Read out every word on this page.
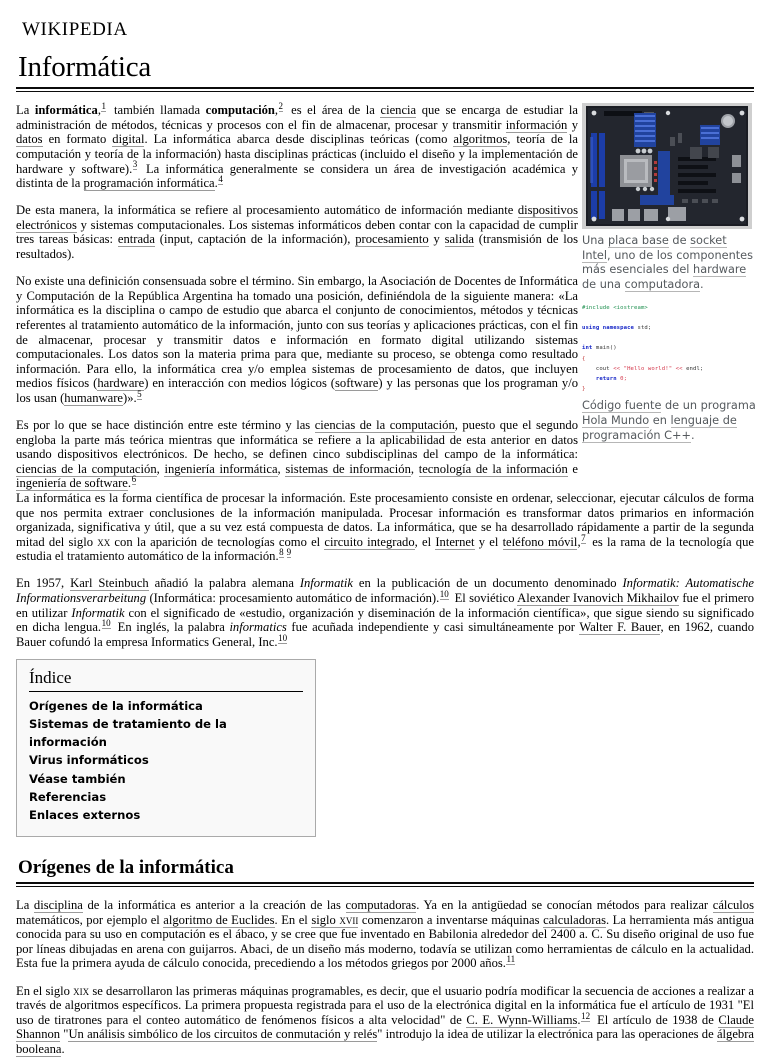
WIKIPEDIA
Informática
Una placa base de socket Intel, uno de los componentes más esenciales del hardware de una computadora.
#include <iostream>

using namespace std;

int main()
{
cout << "Hello world!" << endl;
return 0;
}
Código fuente de un programa Hola Mundo en lenguaje de programación C++.

La informática,$^1$ también llamada computación,$^2$ es el área de la ciencia que se encarga de estudiar la administración de métodos, técnicas y procesos con el fin de almacenar, procesar y transmitir información y datos en formato digital. La informática abarca desde disciplinas teóricas (como algoritmos, teoría de la computación y teoría de la información) hasta disciplinas prácticas (incluido el diseño y la implementación de hardware y software).$^3$ La informática generalmente se considera un área de investigación académica y distinta de la programación informática.$^4$

De esta manera, la informática se refiere al procesamiento automático de información mediante dispositivos electrónicos y sistemas computacionales. Los sistemas informáticos deben contar con la capacidad de cumplir tres tareas básicas: entrada (input, captación de la información), procesamiento y salida (transmisión de los resultados).

No existe una definición consensuada sobre el término. Sin embargo, la Asociación de Docentes de Informática y Computación de la República Argentina ha tomado una posición, definiéndola de la siguiente manera: «La informática es la disciplina o campo de estudio que abarca el conjunto de conocimientos, métodos y técnicas referentes al tratamiento automático de la información, junto con sus teorías y aplicaciones prácticas, con el fin de almacenar, procesar y transmitir datos e información en formato digital utilizando sistemas computacionales. Los datos son la materia prima para que, mediante su proceso, se obtenga como resultado información. Para ello, la informática crea y/o emplea sistemas de procesamiento de datos, que incluyen medios físicos (hardware) en interacción con medios lógicos (software) y las personas que los programan y/o los usan (humanware)».$^5$

Es por lo que se hace distinción entre este término y las ciencias de la computación, puesto que el segundo engloba la parte más teórica mientras que informática se refiere a la aplicabilidad de esta anterior en datos usando dispositivos electrónicos. De hecho, se definen cinco subdisciplinas del campo de la informática: ciencias de la computación, ingeniería informática, sistemas de información, tecnología de la información e ingeniería de software.$^6$

La informática es la forma científica de procesar la información. Este procesamiento consiste en ordenar, seleccionar, ejecutar cálculos de forma que nos permita extraer conclusiones de la información manipulada. Procesar información es transformar datos primarios en información organizada, significativa y útil, que a su vez está compuesta de datos. La informática, que se ha desarrollado rápidamente a partir de la segunda mitad del siglo xx con la aparición de tecnologías como el circuito integrado, el Internet y el teléfono móvil,$^7$ es la rama de la tecnología que estudia el tratamiento automático de la información.$^8$ $^9$

En 1957, Karl Steinbuch añadió la palabra alemana Informatik en la publicación de un documento denominado Informatik: Automatische Informationsverarbeitung (Informática: procesamiento automático de información).$^{10}$ El soviético Alexander Ivanovich Mikhailov fue el primero en utilizar Informatik con el significado de «estudio, organización y diseminación de la información científica», que sigue siendo su significado en dicha lengua.$^{10}$ En inglés, la palabra informatics fue acuñada independiente y casi simultáneamente por Walter F. Bauer, en 1962, cuando Bauer cofundó la empresa Informatics General, Inc.$^{10}$

Índice
Orígenes de la informática
Sistemas de tratamiento de la información
Virus informáticos
Véase también
Referencias
Enlaces externos
Orígenes de la informática

La disciplina de la informática es anterior a la creación de las computadoras. Ya en la antigüedad se conocían métodos para realizar cálculos matemáticos, por ejemplo el algoritmo de Euclides. En el siglo xvii comenzaron a inventarse máquinas calculadoras. La herramienta más antigua conocida para su uso en computación es el ábaco, y se cree que fue inventado en Babilonia alrededor del 2400 a. C. Su diseño original de uso fue por líneas dibujadas en arena con guijarros. Abaci, de un diseño más moderno, todavía se utilizan como herramientas de cálculo en la actualidad. Esta fue la primera ayuda de cálculo conocida, precediendo a los métodos griegos por 2000 años.$^{11}$

En el siglo xix se desarrollaron las primeras máquinas programables, es decir, que el usuario podría modificar la secuencia de acciones a realizar a través de algoritmos específicos. La primera propuesta registrada para el uso de la electrónica digital en la informática fue el artículo de 1931 "El uso de tiratrones para el conteo automático de fenómenos físicos a alta velocidad" de C. E. Wynn-Williams.$^{12}$ El artículo de 1938 de Claude Shannon "Un análisis simbólico de los circuitos de conmutación y relés" introdujo la idea de utilizar la electrónica para las operaciones de álgebra booleana.
